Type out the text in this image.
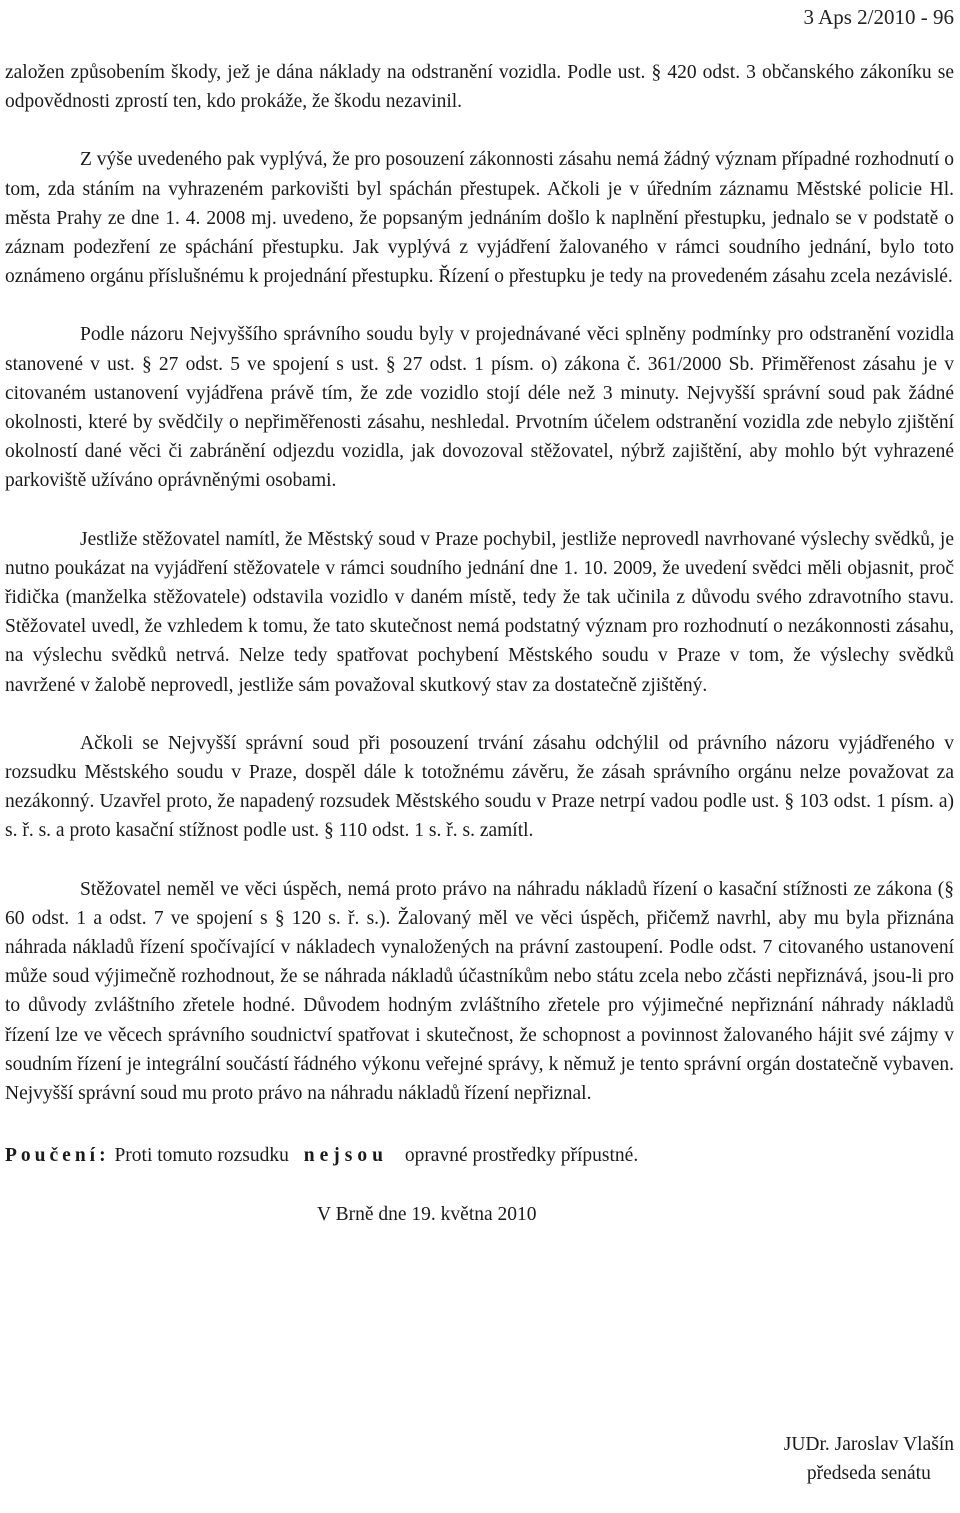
3 Aps 2/2010 - 96

založen způsobením škody, jež je dána náklady na odstranění vozidla. Podle ust. § 420 odst. 3 občanského zákoníku se odpovědnosti zprostí ten, kdo prokáže, že škodu nezavinil.

Z výše uvedeného pak vyplývá, že pro posouzení zákonnosti zásahu nemá žádný význam případné rozhodnutí o tom, zda stáním na vyhrazeném parkovišti byl spáchán přestupek. Ačkoli je v úředním záznamu Městské policie Hl. města Prahy ze dne 1. 4. 2008 mj. uvedeno, že popsaným jednáním došlo k naplnění přestupku, jednalo se v podstatě o záznam podezření ze spáchání přestupku. Jak vyplývá z vyjádření žalovaného v rámci soudního jednání, bylo toto oznámeno orgánu příslušnému k projednání přestupku. Řízení o přestupku je tedy na provedeném zásahu zcela nezávislé.

Podle názoru Nejvyššího správního soudu byly v projednávané věci splněny podmínky pro odstranění vozidla stanovené v ust. § 27 odst. 5 ve spojení s ust. § 27 odst. 1 písm. o) zákona č. 361/2000 Sb. Přiměřenost zásahu je v citovaném ustanovení vyjádřena právě tím, že zde vozidlo stojí déle než 3 minuty. Nejvyšší správní soud pak žádné okolnosti, které by svědčily o nepřiměřenosti zásahu, neshledal. Prvotním účelem odstranění vozidla zde nebylo zjištění okolností dané věci či zabránění odjezdu vozidla, jak dovozoval stěžovatel, nýbrž zajištění, aby mohlo být vyhrazené parkoviště užíváno oprávněnými osobami.

Jestliže stěžovatel namítl, že Městský soud v Praze pochybil, jestliže neprovedl navrhované výslechy svědků, je nutno poukázat na vyjádření stěžovatele v rámci soudního jednání dne 1. 10. 2009, že uvedení svědci měli objasnit, proč řidička (manželka stěžovatele) odstavila vozidlo v daném místě, tedy že tak učinila z důvodu svého zdravotního stavu. Stěžovatel uvedl, že vzhledem k tomu, že tato skutečnost nemá podstatný význam pro rozhodnutí o nezákonnosti zásahu, na výslechu svědků netrvá. Nelze tedy spatřovat pochybení Městského soudu v Praze v tom, že výslechy svědků navržené v žalobě neprovedl, jestliže sám považoval skutkový stav za dostatečně zjištěný.

Ačkoli se Nejvyšší správní soud při posouzení trvání zásahu odchýlil od právního názoru vyjádřeného v rozsudku Městského soudu v Praze, dospěl dále k totožnému závěru, že zásah správního orgánu nelze považovat za nezákonný. Uzavřel proto, že napadený rozsudek Městského soudu v Praze netrpí vadou podle ust. § 103 odst. 1 písm. a) s. ř. s. a proto kasační stížnost podle ust. § 110 odst. 1 s. ř. s. zamítl.

Stěžovatel neměl ve věci úspěch, nemá proto právo na náhradu nákladů řízení o kasační stížnosti ze zákona (§ 60 odst. 1 a odst. 7 ve spojení s § 120 s. ř. s.). Žalovaný měl ve věci úspěch, přičemž navrhl, aby mu byla přiznána náhrada nákladů řízení spočívající v nákladech vynaložených na právní zastoupení. Podle odst. 7 citovaného ustanovení může soud výjimečně rozhodnout, že se náhrada nákladů účastníkům nebo státu zcela nebo zčásti nepřiznává, jsou-li pro to důvody zvláštního zřetele hodné. Důvodem hodným zvláštního zřetele pro výjimečné nepřiznání náhrady nákladů řízení lze ve věcech správního soudnictví spatřovat i skutečnost, že schopnost a povinnost žalovaného hájit své zájmy v soudním řízení je integrální součástí řádného výkonu veřejné správy, k němuž je tento správní orgán dostatečně vybaven. Nejvyšší správní soud mu proto právo na náhradu nákladů řízení nepřiznal.

Poučení: Proti tomuto rozsudku nejsou opravné prostředky přípustné.

V Brně dne 19. května 2010

JUDr. Jaroslav Vlašín
předseda senátu
